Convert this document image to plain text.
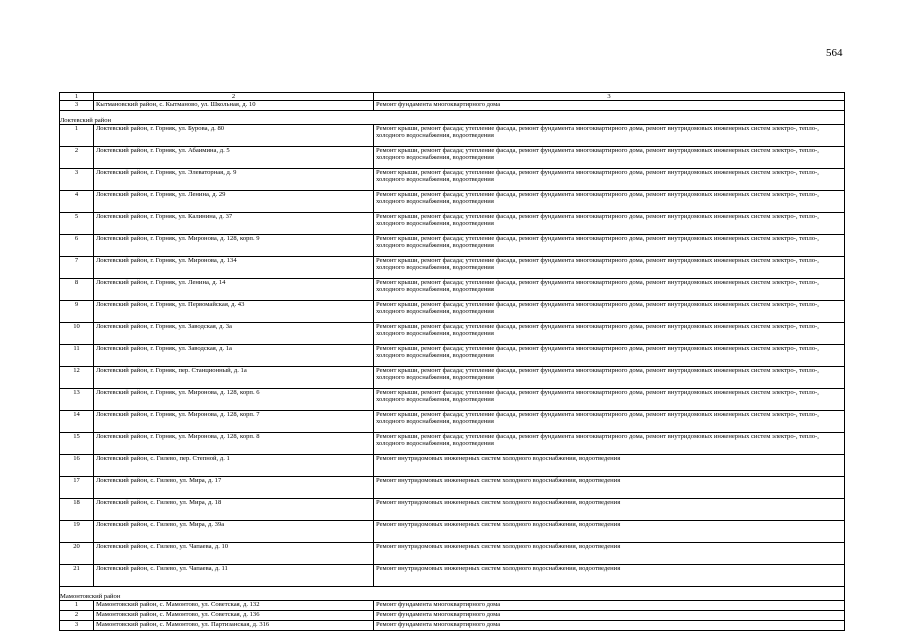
564
1	2	3
3	Кытмановский район, с. Кытманово, ул. Школьная, д. 10	Ремонт фундамента многоквартирного дома
Локтевский район		
1	Локтевский район, г. Горняк, ул. Бурова, д. 80	Ремонт крыши, ремонт фасада; утепление фасада, ремонт фундамента многоквартирного дома, ремонт внутридомовых инженерных систем электро-, тепло-, холодного водоснабжения, водоотведения
2	Локтевский район, г. Горняк, ул. Абаимина, д. 5	Ремонт крыши, ремонт фасада; утепление фасада, ремонт фундамента многоквартирного дома, ремонт внутридомовых инженерных систем электро-, тепло-, холодного водоснабжения, водоотведения
3	Локтевский район, г. Горняк, ул. Элеваторная, д. 9	Ремонт крыши, ремонт фасада; утепление фасада, ремонт фундамента многоквартирного дома, ремонт внутридомовых инженерных систем электро-, тепло-, холодного водоснабжения, водоотведения
4	Локтевский район, г. Горняк, ул. Ленина, д. 29	Ремонт крыши, ремонт фасада; утепление фасада, ремонт фундамента многоквартирного дома, ремонт внутридомовых инженерных систем электро-, тепло-, холодного водоснабжения, водоотведения
5	Локтевский район, г. Горняк, ул. Калинина, д. 37	Ремонт крыши, ремонт фасада; утепление фасада, ремонт фундамента многоквартирного дома, ремонт внутридомовых инженерных систем электро-, тепло-, холодного водоснабжения, водоотведения
6	Локтевский район, г. Горняк, ул. Миронова, д. 128, корп. 9	Ремонт крыши, ремонт фасада; утепление фасада, ремонт фундамента многоквартирного дома, ремонт внутридомовых инженерных систем электро-, тепло-, холодного водоснабжения, водоотведения
7	Локтевский район, г. Горняк, ул. Миронова, д. 134	Ремонт крыши, ремонт фасада; утепление фасада, ремонт фундамента многоквартирного дома, ремонт внутридомовых инженерных систем электро-, тепло-, холодного водоснабжения, водоотведения
8	Локтевский район, г. Горняк, ул. Ленина, д. 14	Ремонт крыши, ремонт фасада; утепление фасада, ремонт фундамента многоквартирного дома, ремонт внутридомовых инженерных систем электро-, тепло-, холодного водоснабжения, водоотведения
9	Локтевский район, г. Горняк, ул. Первомайская, д. 43	Ремонт крыши, ремонт фасада; утепление фасада, ремонт фундамента многоквартирного дома, ремонт внутридомовых инженерных систем электро-, тепло-, холодного водоснабжения, водоотведения
10	Локтевский район, г. Горняк, ул. Заводская, д. 3а	Ремонт крыши, ремонт фасада; утепление фасада, ремонт фундамента многоквартирного дома, ремонт внутридомовых инженерных систем электро-, тепло-, холодного водоснабжения, водоотведения
11	Локтевский район, г. Горняк, ул. Заводская, д. 1а	Ремонт крыши, ремонт фасада; утепление фасада, ремонт фундамента многоквартирного дома, ремонт внутридомовых инженерных систем электро-, тепло-, холодного водоснабжения, водоотведения
12	Локтевский район, г. Горняк, пер. Станционный, д. 1а	Ремонт крыши, ремонт фасада; утепление фасада, ремонт фундамента многоквартирного дома, ремонт внутридомовых инженерных систем электро-, тепло-, холодного водоснабжения, водоотведения
13	Локтевский район, г. Горняк, ул. Миронова, д. 128, корп. 6	Ремонт крыши, ремонт фасада; утепление фасада, ремонт фундамента многоквартирного дома, ремонт внутридомовых инженерных систем электро-, тепло-, холодного водоснабжения, водоотведения
14	Локтевский район, г. Горняк, ул. Миронова, д. 128, корп. 7	Ремонт крыши, ремонт фасада; утепление фасада, ремонт фундамента многоквартирного дома, ремонт внутридомовых инженерных систем электро-, тепло-, холодного водоснабжения, водоотведения
15	Локтевский район, г. Горняк, ул. Миронова, д. 128, корп. 8	Ремонт крыши, ремонт фасада; утепление фасада, ремонт фундамента многоквартирного дома, ремонт внутридомовых инженерных систем электро-, тепло-, холодного водоснабжения, водоотведения
16	Локтевский район, с. Гилево, пер. Степной, д. 1	Ремонт внутридомовых инженерных систем холодного водоснабжения, водоотведения
17	Локтевский район, с. Гилево, ул. Мира, д. 17	Ремонт внутридомовых инженерных систем холодного водоснабжения, водоотведения
18	Локтевский район, с. Гилево, ул. Мира, д. 18	Ремонт внутридомовых инженерных систем холодного водоснабжения, водоотведения
19	Локтевский район, с. Гилево, ул. Мира, д. 39а	Ремонт внутридомовых инженерных систем холодного водоснабжения, водоотведения
20	Локтевский район, с. Гилево, ул. Чапаева, д. 10	Ремонт внутридомовых инженерных систем холодного водоснабжения, водоотведения
21	Локтевский район, с. Гилево, ул. Чапаева, д. 11	Ремонт внутридомовых инженерных систем холодного водоснабжения, водоотведения
Мамонтовский район		
1	Мамонтовский район, с. Мамонтово, ул. Советская, д. 132	Ремонт фундамента многоквартирного дома
2	Мамонтовский район, с. Мамонтово, ул. Советская, д. 136	Ремонт фундамента многоквартирного дома
3	Мамонтовский район, с. Мамонтово, ул. Партизанская, д. 316	Ремонт фундамента многоквартирного дома
